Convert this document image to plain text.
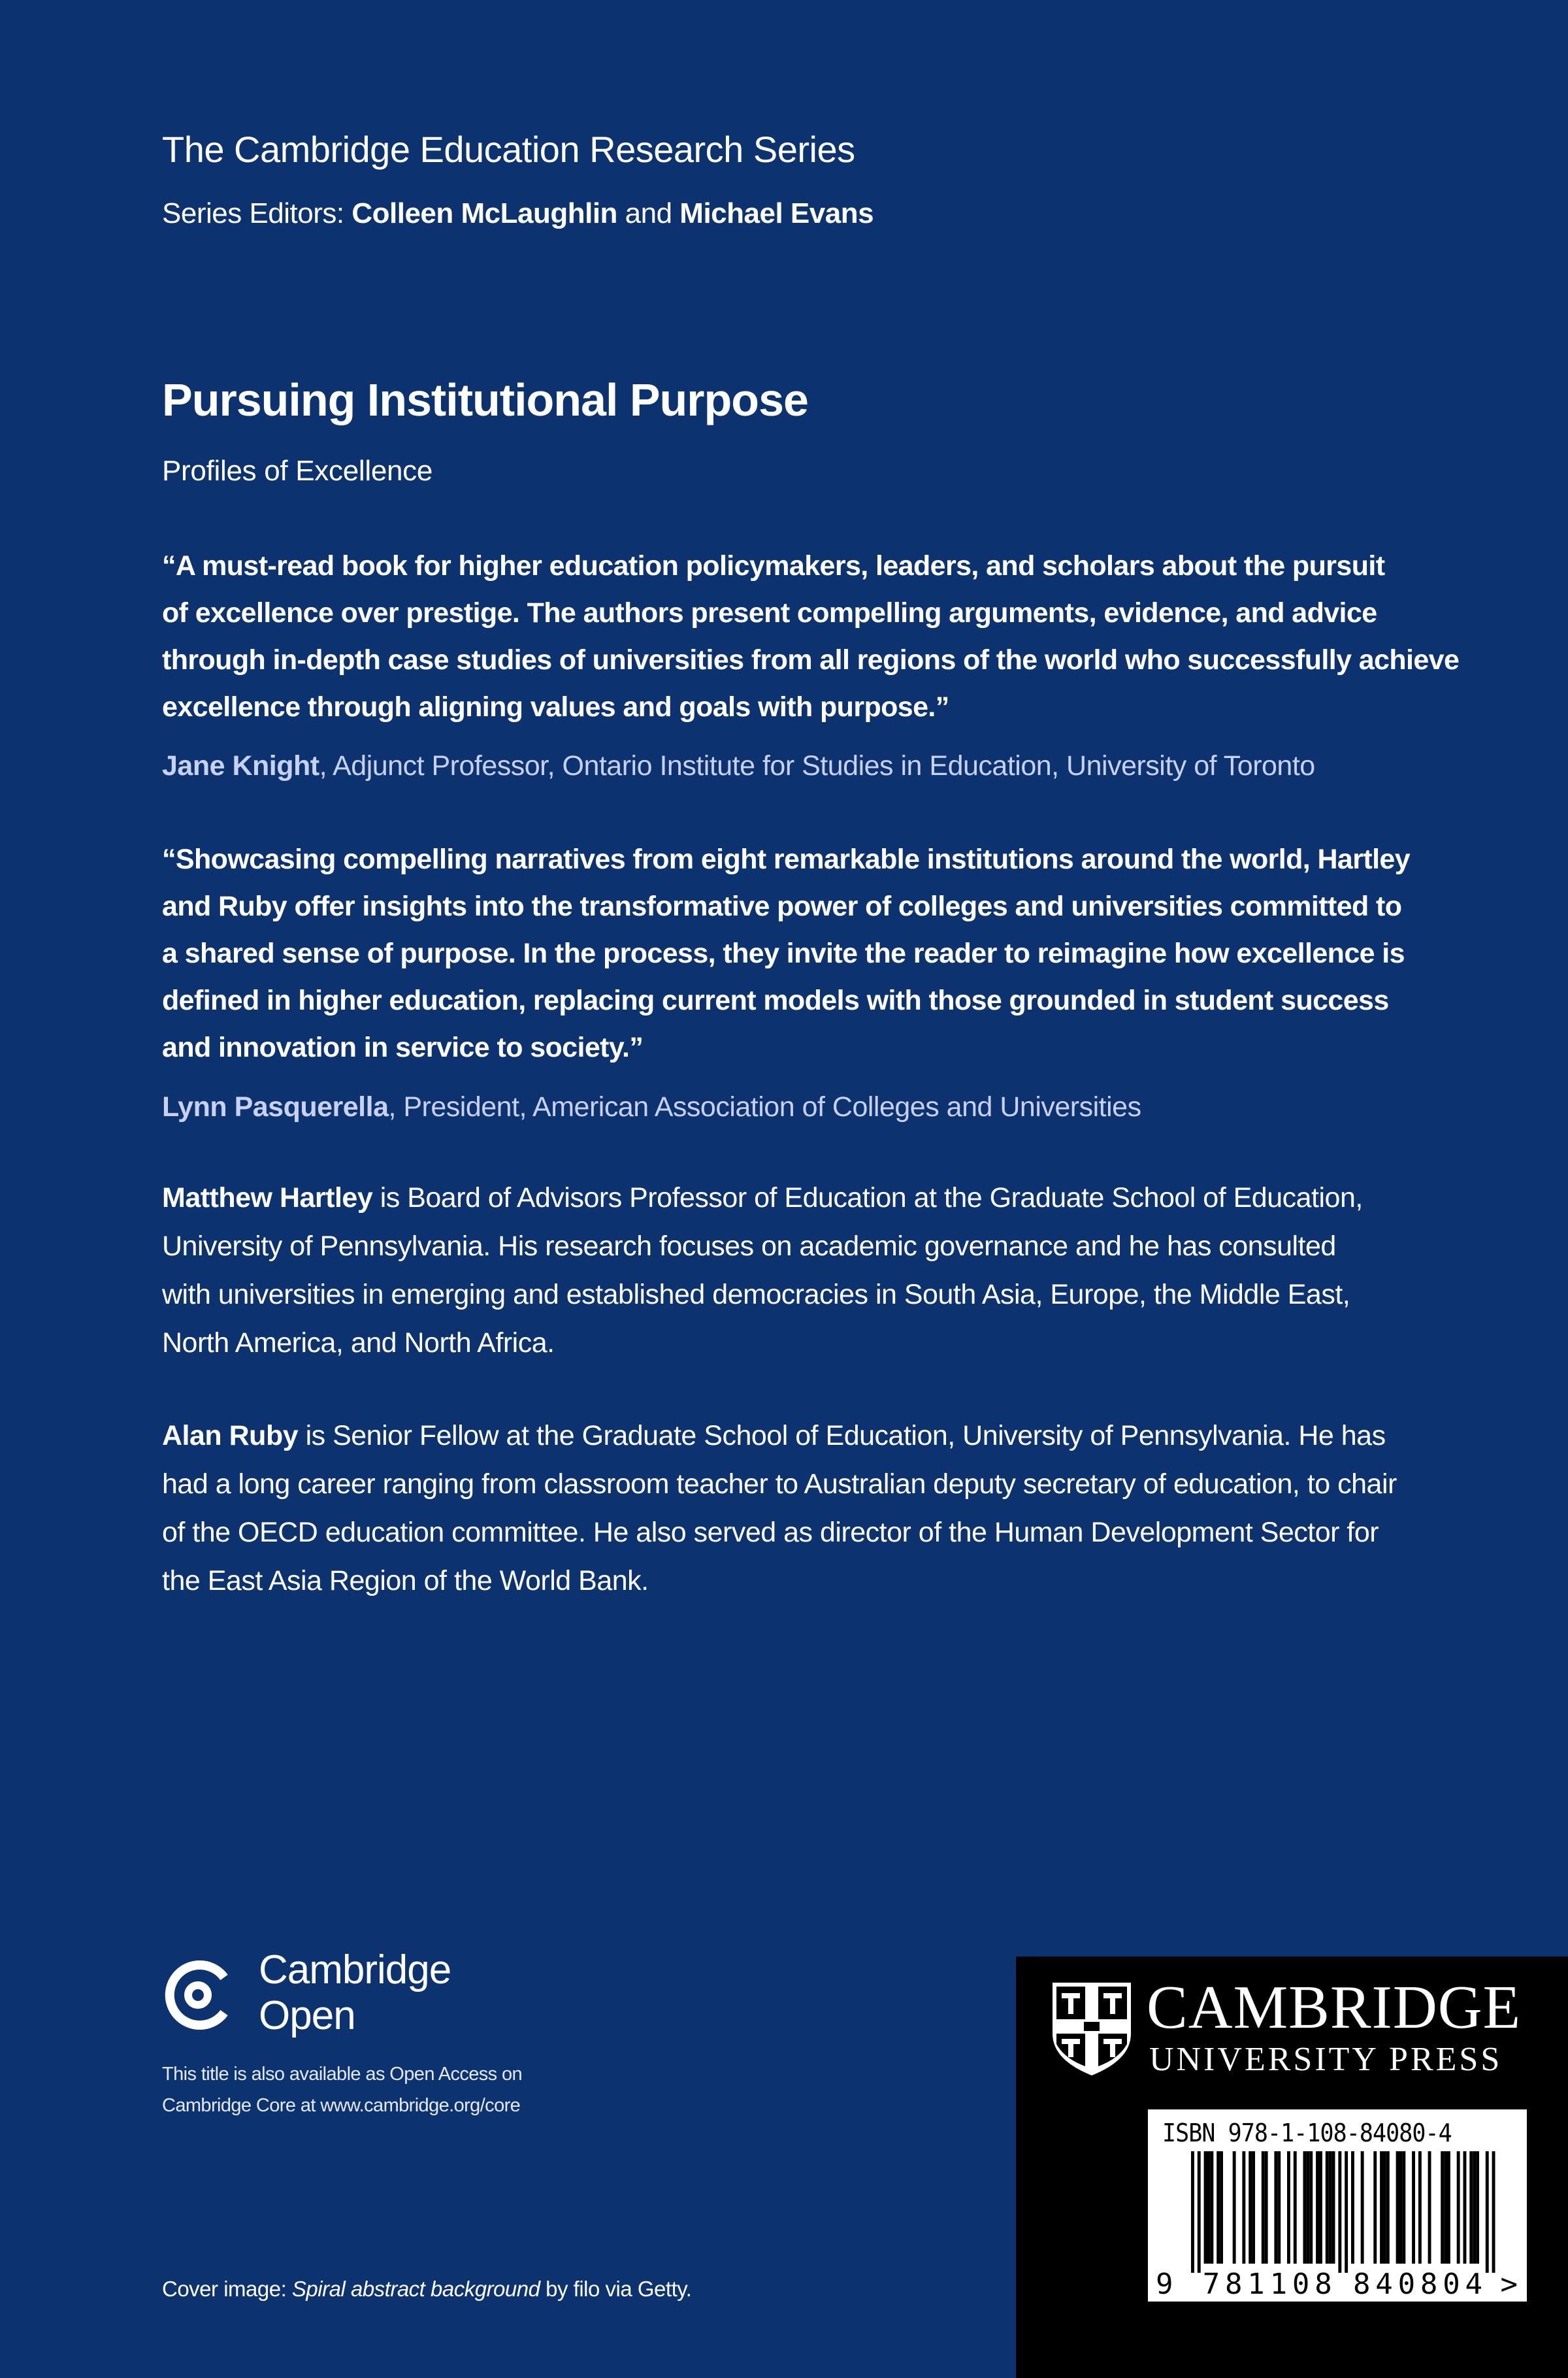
The Cambridge Education Research Series
Series Editors: Colleen McLaughlin and Michael Evans
Pursuing Institutional Purpose
Profiles of Excellence
“A must-read book for higher education policymakers, leaders, and scholars about the pursuit
of excellence over prestige. The authors present compelling arguments, evidence, and advice
through in-depth case studies of universities from all regions of the world who successfully achieve
excellence through aligning values and goals with purpose.”
Jane Knight, Adjunct Professor, Ontario Institute for Studies in Education, University of Toronto
“Showcasing compelling narratives from eight remarkable institutions around the world, Hartley
and Ruby offer insights into the transformative power of colleges and universities committed to
a shared sense of purpose. In the process, they invite the reader to reimagine how excellence is
defined in higher education, replacing current models with those grounded in student success
and innovation in service to society.”
Lynn Pasquerella, President, American Association of Colleges and Universities
Matthew Hartley is Board of Advisors Professor of Education at the Graduate School of Education,
University of Pennsylvania. His research focuses on academic governance and he has consulted
with universities in emerging and established democracies in South Asia, Europe, the Middle East,
North America, and North Africa.
Alan Ruby is Senior Fellow at the Graduate School of Education, University of Pennsylvania. He has
had a long career ranging from classroom teacher to Australian deputy secretary of education, to chair
of the OECD education committee. He also served as director of the Human Development Sector for
the East Asia Region of the World Bank.
Cambridge
Open
This title is also available as Open Access on
Cambridge Core at www.cambridge.org/core
Cover image: Spiral abstract background by filo via Getty.
CAMBRIDGE
UNIVERSITY PRESS
ISBN 978-1-108-84080-4
9 7 8 1 1 0 8 8 4 0 8 0 4 >
